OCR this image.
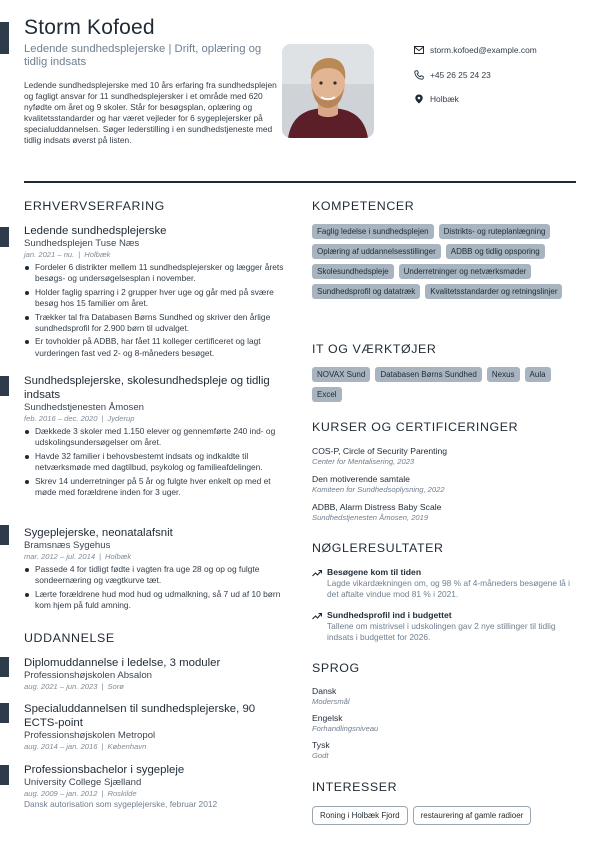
Storm Kofoed
Ledende sundhedsplejerske | Drift, oplæring og tidlig indsats

Ledende sundhedsplejerske med 10 års erfaring fra sundhedsplejen og fagligt ansvar for 11 sundhedsplejersker i et område med 620 nyfødte om året og 9 skoler. Står for besøgsplan, oplæring og kvalitetsstandarder og har været vejleder for 6 sygeplejersker på specialuddannelsen. Søger lederstilling i en sundhedstjeneste med tidlig indsats øverst på listen.

storm.kofoed@example.com
+45 26 25 24 23
Holbæk
ERHVERVSERFARING
Ledende sundhedsplejerske
Sundhedsplejen Tuse Næs
jan. 2021 – nu. | Holbæk
Fordeler 6 distrikter mellem 11 sundhedsplejersker og lægger årets besøgs- og undersøgelsesplan i november.
Holder faglig sparring i 2 grupper hver uge og går med på svære besøg hos 15 familier om året.
Trækker tal fra Databasen Børns Sundhed og skriver den årlige sundhedsprofil for 2.900 børn til udvalget.
Er tovholder på ADBB, har fået 11 kolleger certificeret og lagt vurderingen fast ved 2- og 8-måneders besøget.
Sundhedsplejerske, skolesundhedspleje og tidlig indsats
Sundhedstjenesten Åmosen
feb. 2016 – dec. 2020 | Jyderup
Dækkede 3 skoler med 1.150 elever og gennemførte 240 ind- og udskolingsundersøgelser om året.
Havde 32 familier i behovsbestemt indsats og indkaldte til netværksmøde med dagtilbud, psykolog og familieafdelingen.
Skrev 14 underretninger på 5 år og fulgte hver enkelt op med et møde med forældrene inden for 3 uger.
Sygeplejerske, neonatalafsnit
Bramsnæs Sygehus
mar. 2012 – jul. 2014 | Holbæk
Passede 4 for tidligt fødte i vagten fra uge 28 og op og fulgte sondeernæring og vægtkurve tæt.
Lærte forældrene hud mod hud og udmalkning, så 7 ud af 10 børn kom hjem på fuld amning.
UDDANNELSE
Diplomuddannelse i ledelse, 3 moduler
Professionshøjskolen Absalon
aug. 2021 – jun. 2023 | Sorø
Specialuddannelsen til sundhedsplejerske, 90 ECTS-point
Professionshøjskolen Metropol
aug. 2014 – jan. 2016 | København
Professionsbachelor i sygepleje
University College Sjælland
aug. 2009 – jan. 2012 | Roskilde
Dansk autorisation som sygeplejerske, februar 2012
KOMPETENCER
Faglig ledelse i sundhedsplejen	Distrikts- og ruteplanlægning
Oplæring af uddannelsesstillinger	ADBB og tidlig opsporing
Skolesundhedspleje	Underretninger og netværksmøder
Sundhedsprofil og datatræk	Kvalitetsstandarder og retningslinjer
IT OG VÆRKTØJER
NOVAX Sund	Databasen Børns Sundhed	Nexus	Aula
Excel
KURSER OG CERTIFICERINGER
COS-P, Circle of Security Parenting
Center for Mentalisering, 2023
Den motiverende samtale
Komiteen for Sundhedsoplysning, 2022
ADBB, Alarm Distress Baby Scale
Sundhedstjenesten Åmosen, 2019
NØGLERESULTATER
Besøgene kom til tiden
Lagde vikardækningen om, og 98 % af 4-måneders besøgene lå i det aftalte vindue mod 81 % i 2021.
Sundhedsprofil ind i budgettet
Tallene om mistrivsel i udskolingen gav 2 nye stillinger til tidlig indsats i budgettet for 2026.
SPROG
Dansk
Modersmål
Engelsk
Forhandlingsniveau
Tysk
Godt
INTERESSER
Roning i Holbæk Fjord	restaurering af gamle radioer
